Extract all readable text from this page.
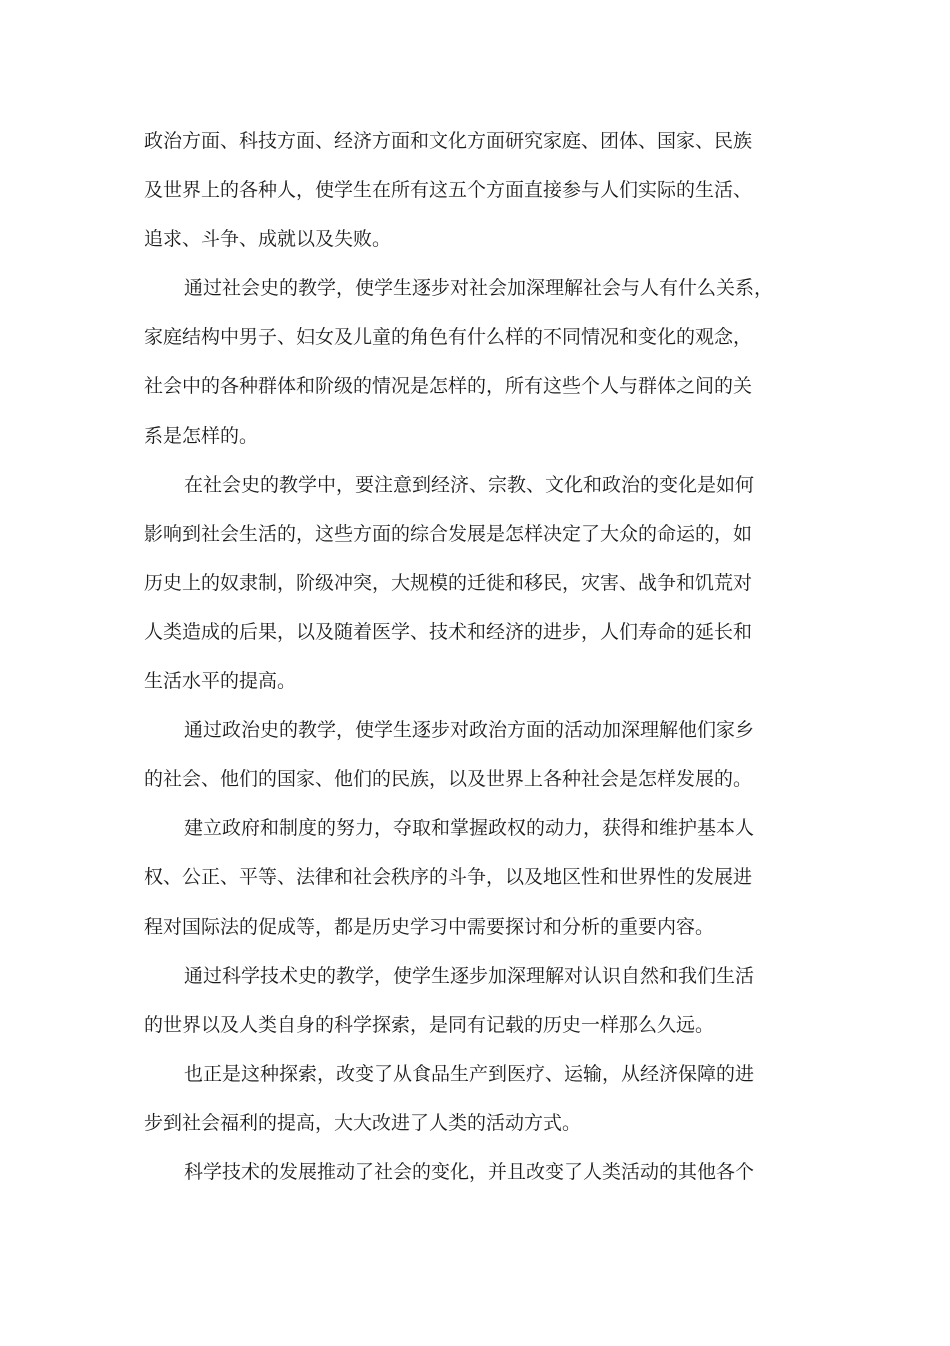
政治方面、科技方面、经济方面和文化方面研究家庭、团体、国家、民族
及世界上的各种人，使学生在所有这五个方面直接参与人们实际的生活、
追求、斗争、成就以及失败。
通过社会史的教学，使学生逐步对社会加深理解社会与人有什么关系，
家庭结构中男子、妇女及儿童的角色有什么样的不同情况和变化的观念，
社会中的各种群体和阶级的情况是怎样的，所有这些个人与群体之间的关
系是怎样的。
在社会史的教学中，要注意到经济、宗教、文化和政治的变化是如何
影响到社会生活的，这些方面的综合发展是怎样决定了大众的命运的，如
历史上的奴隶制，阶级冲突，大规模的迁徙和移民，灾害、战争和饥荒对
人类造成的后果，以及随着医学、技术和经济的进步，人们寿命的延长和
生活水平的提高。
通过政治史的教学，使学生逐步对政治方面的活动加深理解他们家乡
的社会、他们的国家、他们的民族，以及世界上各种社会是怎样发展的。
建立政府和制度的努力，夺取和掌握政权的动力，获得和维护基本人
权、公正、平等、法律和社会秩序的斗争，以及地区性和世界性的发展进
程对国际法的促成等，都是历史学习中需要探讨和分析的重要内容。
通过科学技术史的教学，使学生逐步加深理解对认识自然和我们生活
的世界以及人类自身的科学探索，是同有记载的历史一样那么久远。
也正是这种探索，改变了从食品生产到医疗、运输，从经济保障的进
步到社会福利的提高，大大改进了人类的活动方式。
科学技术的发展推动了社会的变化，并且改变了人类活动的其他各个
